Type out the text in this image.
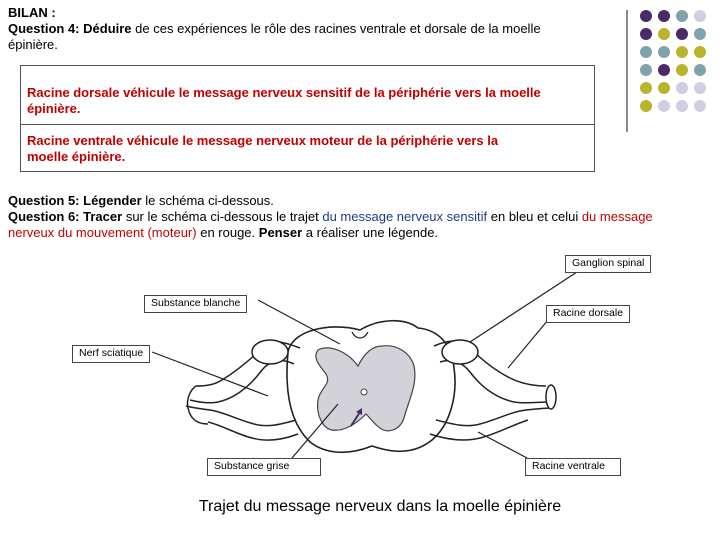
BILAN :
Question 4: Déduire de ces expériences le rôle des racines ventrale et dorsale de la moelle
épinière.
Racine dorsale véhicule le message nerveux sensitif de la périphérie vers la moelle
épinière.
Racine ventrale véhicule le message nerveux moteur de la périphérie vers la
moelle épinière.
Question 5: Légender le schéma ci-dessous.
Question 6: Tracer sur le schéma ci-dessous le trajet du message nerveux sensitif en bleu et celui du message
nerveux du mouvement (moteur) en rouge. Penser a réaliser une légende.
Ganglion spinal
Substance blanche
Racine dorsale
Nerf sciatique
Substance grise	Racine ventrale
Trajet du message nerveux dans la moelle épinière
